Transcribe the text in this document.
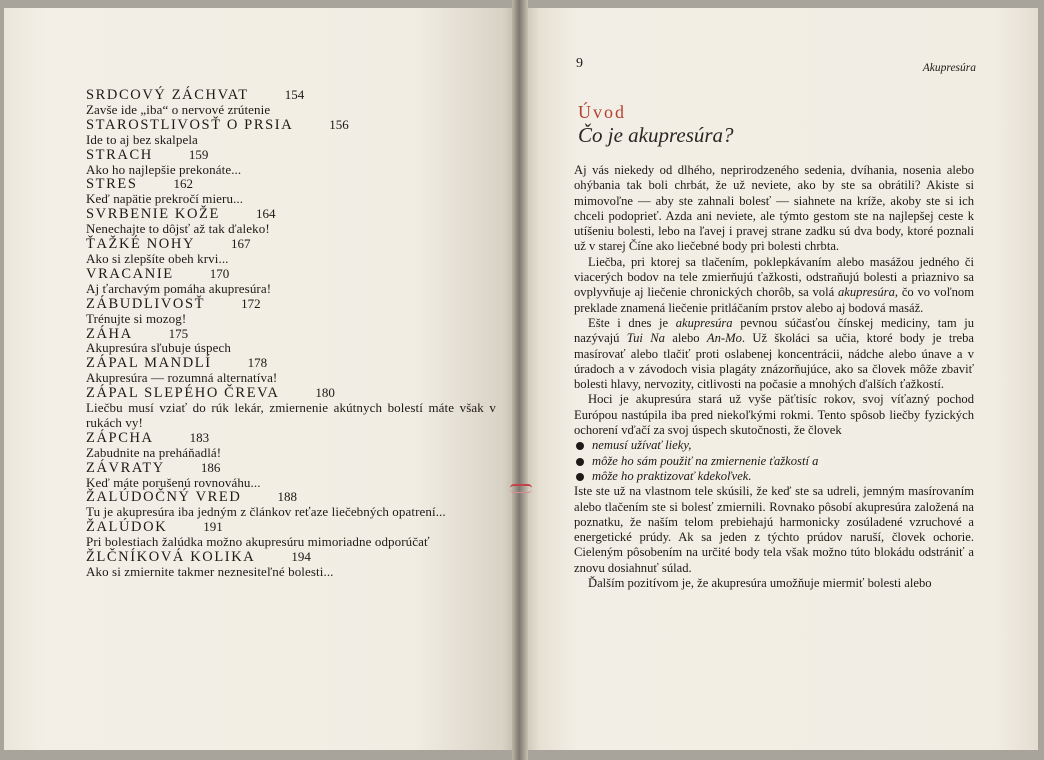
SRDCOVÝ ZÁCHVAT	154
Zavše ide „iba“ o nervové zrútenie
STAROSTLIVOSŤ O PRSIA	156
Ide to aj bez skalpela
STRACH	159
Ako ho najlepšie prekonáte...
STRES	162
Keď napätie prekročí mieru...
SVRBENIE KOŽE	164
Nenechajte to dôjsť až tak ďaleko!
ŤAŽKÉ NOHY	167
Ako si zlepšíte obeh krvi...
VRACANIE	170
Aj ťarchavým pomáha akupresúra!
ZÁBUDLIVOSŤ	172
Trénujte si mozog!
ZÁHA	175
Akupresúra sľubuje úspech
ZÁPAL MANDLÍ	178
Akupresúra — rozumná alternatíva!
ZÁPAL SLEPÉHO ČREVA	180
Liečbu musí vziať do rúk lekár, zmiernenie akútnych bolestí máte však v rukách vy!
ZÁPCHA	183
Zabudnite na preháňadlá!
ZÁVRATY	186
Keď máte porušenú rovnováhu...
ŽALÚDOČNÝ VRED	188
Tu je akupresúra iba jedným z článkov reťaze liečebných opatrení...
ŽALÚDOK	191
Pri bolestiach žalúdka možno akupresúru mimoriadne odporúčať
ŽLČNÍKOVÁ KOLIKA	194
Ako si zmiernite takmer neznesiteľné bolesti...
9	Akupresúra
Úvod
Čo je akupresúra?

Aj vás niekedy od dlhého, neprirodzeného sedenia, dvíhania, nosenia alebo ohýbania tak boli chrbát, že už neviete, ako by ste sa obrátili? Akiste si mimovoľne — aby ste zahnali bolesť — siahnete na kríže, akoby ste si ich chceli podoprieť. Azda ani neviete, ale týmto gestom ste na najlepšej ceste k utíšeniu bolesti, lebo na ľavej i pravej strane zadku sú dva body, ktoré poznali už v starej Číne ako liečebné body pri bolesti chrbta.

Liečba, pri ktorej sa tlačením, poklepkávaním alebo masážou jedného či viacerých bodov na tele zmierňujú ťažkosti, odstraňujú bolesti a priaznivo sa ovplyvňuje aj liečenie chronických chorôb, sa volá akupresúra, čo vo voľnom preklade znamená liečenie pritláčaním prstov alebo aj bodová masáž.

Ešte i dnes je akupresúra pevnou súčasťou čínskej mediciny, tam ju nazývajú Tui Na alebo An-Mo. Už školáci sa učia, ktoré body je treba masírovať alebo tlačiť proti oslabenej koncentrácii, nádche alebo únave a v úradoch a v závodoch visia plagáty znázorňujúce, ako sa človek môže zbaviť bolesti hlavy, nervozity, citlivosti na počasie a mnohých ďalších ťažkostí.

Hoci je akupresúra stará už vyše päťtisíc rokov, svoj víťazný pochod Európou nastúpila iba pred niekoľkými rokmi. Tento spôsob liečby fyzických ochorení vďačí za svoj úspech skutočnosti, že človek

nemusí užívať lieky,
môže ho sám použiť na zmiernenie ťažkostí a
môže ho praktizovať kdekoľvek.

Iste ste už na vlastnom tele skúsili, že keď ste sa udreli, jemným masírovaním alebo tlačením ste si bolesť zmiernili. Rovnako pôsobí akupresúra založená na poznatku, že naším telom prebiehajú harmonicky zosúladené vzruchové a energetické prúdy. Ak sa jeden z týchto prúdov naruší, človek ochorie. Cieleným pôsobením na určité body tela však možno túto blokádu odstrániť a znovu dosiahnuť súlad.

Ďalším pozitívom je, že akupresúra umožňuje miermiť bolesti alebo
